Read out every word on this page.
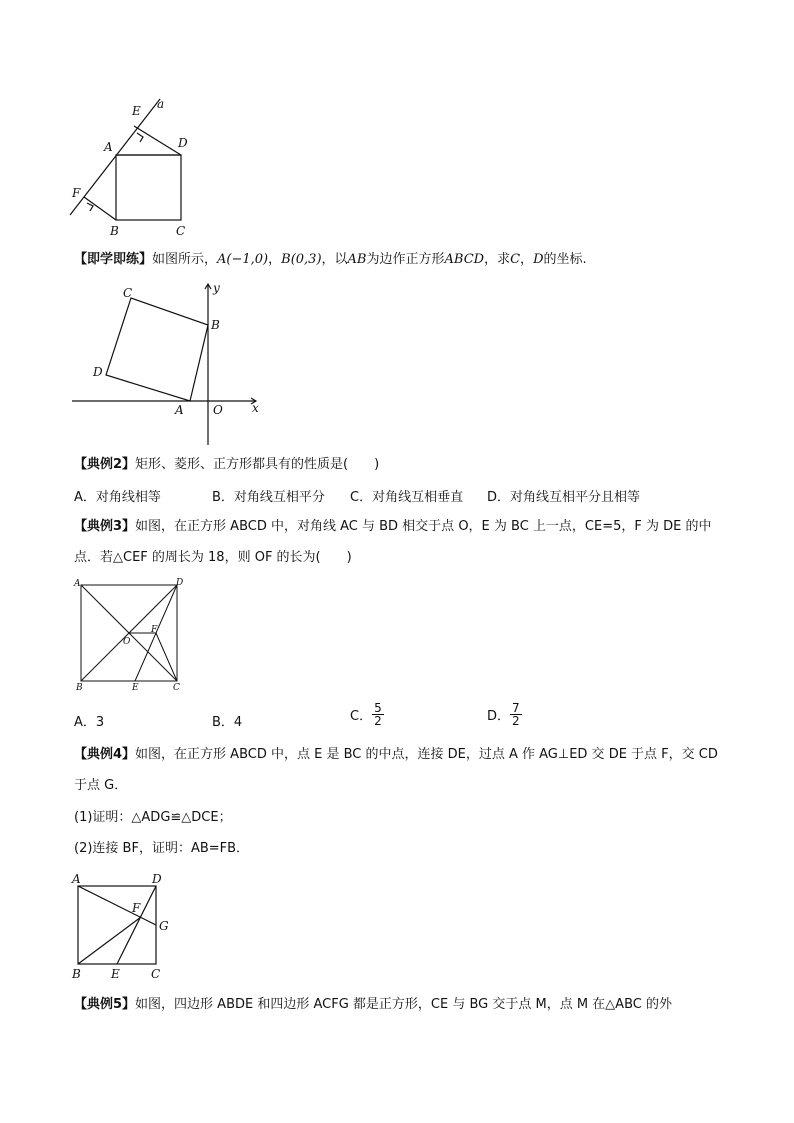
E a
A	D
F
B	C
【即学即练】如图所示，A(−1,0)，B(0,3)，以AB为边作正方形ABCD，求C，D的坐标.
C	y
B
D
A O x
【典例2】矩形、菱形、正方形都具有的性质是(　　)
A．对角线相等	B．对角线互相平分 C．对角线互相垂直 D．对角线互相平分且相等
【典例3】如图，在正方形 ABCD 中，对角线 AC 与 BD 相交于点 O，E 为 BC 上一点，CE=5，F 为 DE 的中
点．若△CEF 的周长为 18，则 OF 的长为(　　)
A	D
F
O
B	E	C
A．3	B．4	C． $\frac{5}{2}$	D． $\frac{7}{2}$
【典例4】如图，在正方形 ABCD 中，点 E 是 BC 的中点，连接 DE，过点 A 作 AG⊥ED 交 DE 于点 F，交 CD
于点 G．
(1)证明：△ADG≌△DCE；
(2)连接 BF，证明：AB=FB．
A	D
F
G
B	E	C
【典例5】如图，四边形 ABDE 和四边形 ACFG 都是正方形，CE 与 BG 交于点 M，点 M 在△ABC 的外
